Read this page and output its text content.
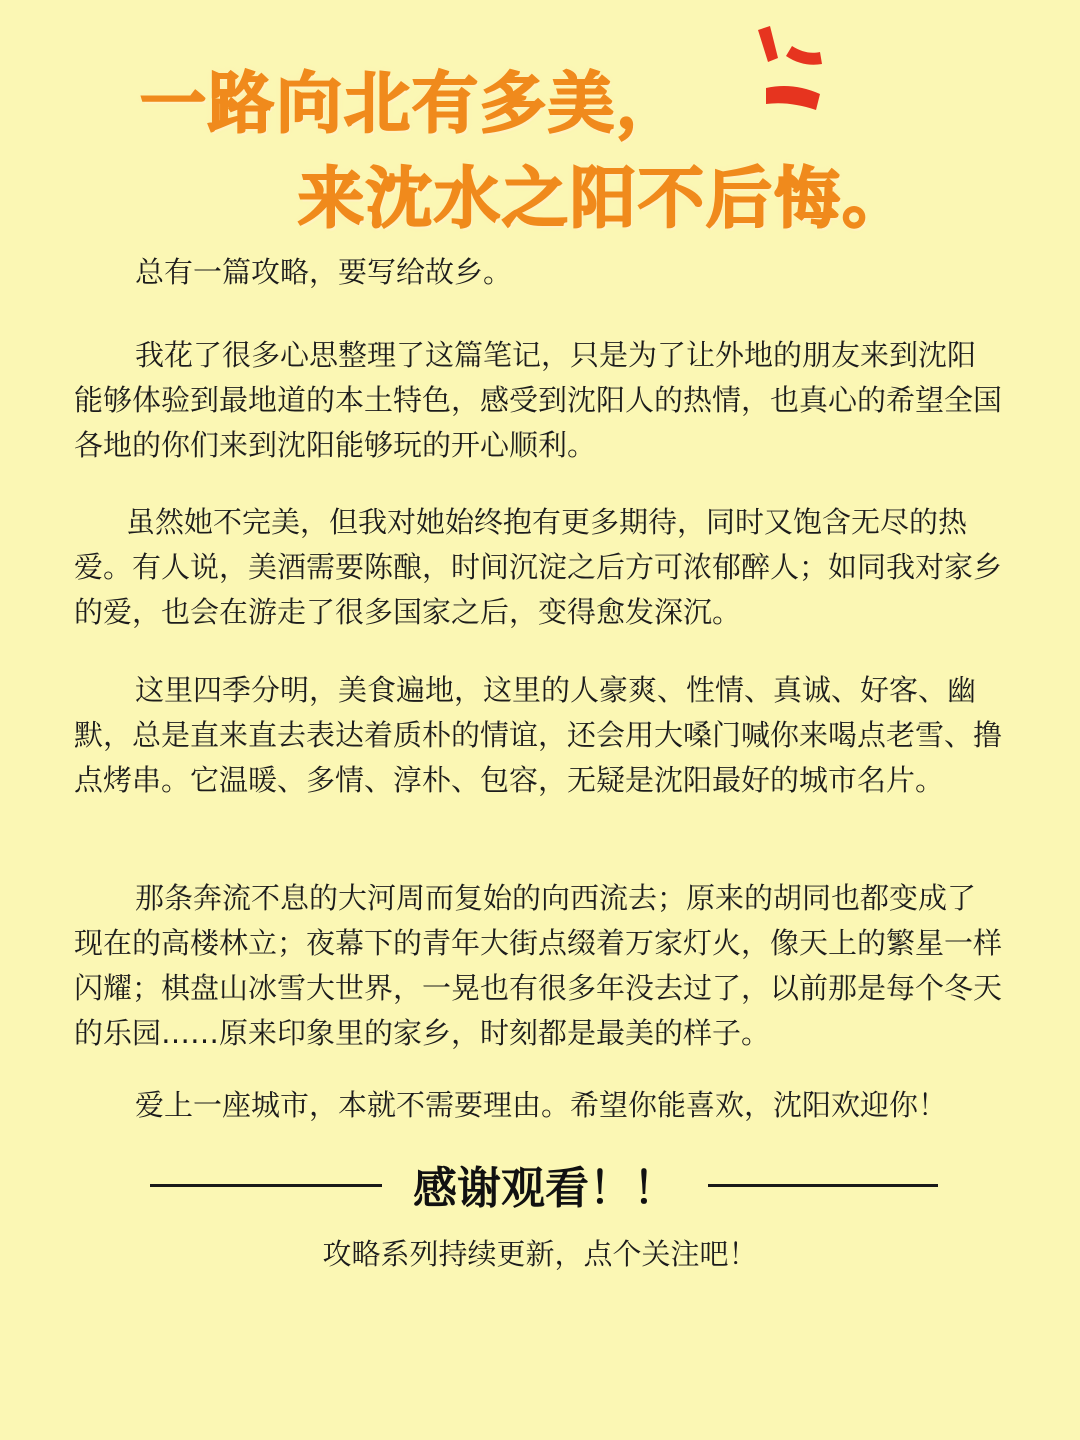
一路向北有多美，
来沈水之阳不后悔。

总有一篇攻略，要写给故乡。

我花了很多心思整理了这篇笔记，只是为了让外地的朋友来到沈阳能够体验到最地道的本土特色，感受到沈阳人的热情，也真心的希望全国各地的你们来到沈阳能够玩的开心顺利。

虽然她不完美，但我对她始终抱有更多期待，同时又饱含无尽的热爱。有人说，美酒需要陈酿，时间沉淀之后方可浓郁醉人；如同我对家乡的爱，也会在游走了很多国家之后，变得愈发深沉。

这里四季分明，美食遍地，这里的人豪爽、性情、真诚、好客、幽默，总是直来直去表达着质朴的情谊，还会用大嗓门喊你来喝点老雪、撸点烤串。它温暖、多情、淳朴、包容，无疑是沈阳最好的城市名片。

那条奔流不息的大河周而复始的向西流去；原来的胡同也都变成了现在的高楼林立；夜幕下的青年大街点缀着万家灯火，像天上的繁星一样闪耀；棋盘山冰雪大世界，一晃也有很多年没去过了，以前那是每个冬天的乐园……原来印象里的家乡，时刻都是最美的样子。

爱上一座城市，本就不需要理由。希望你能喜欢，沈阳欢迎你！

感谢观看！！
攻略系列持续更新，点个关注吧！
